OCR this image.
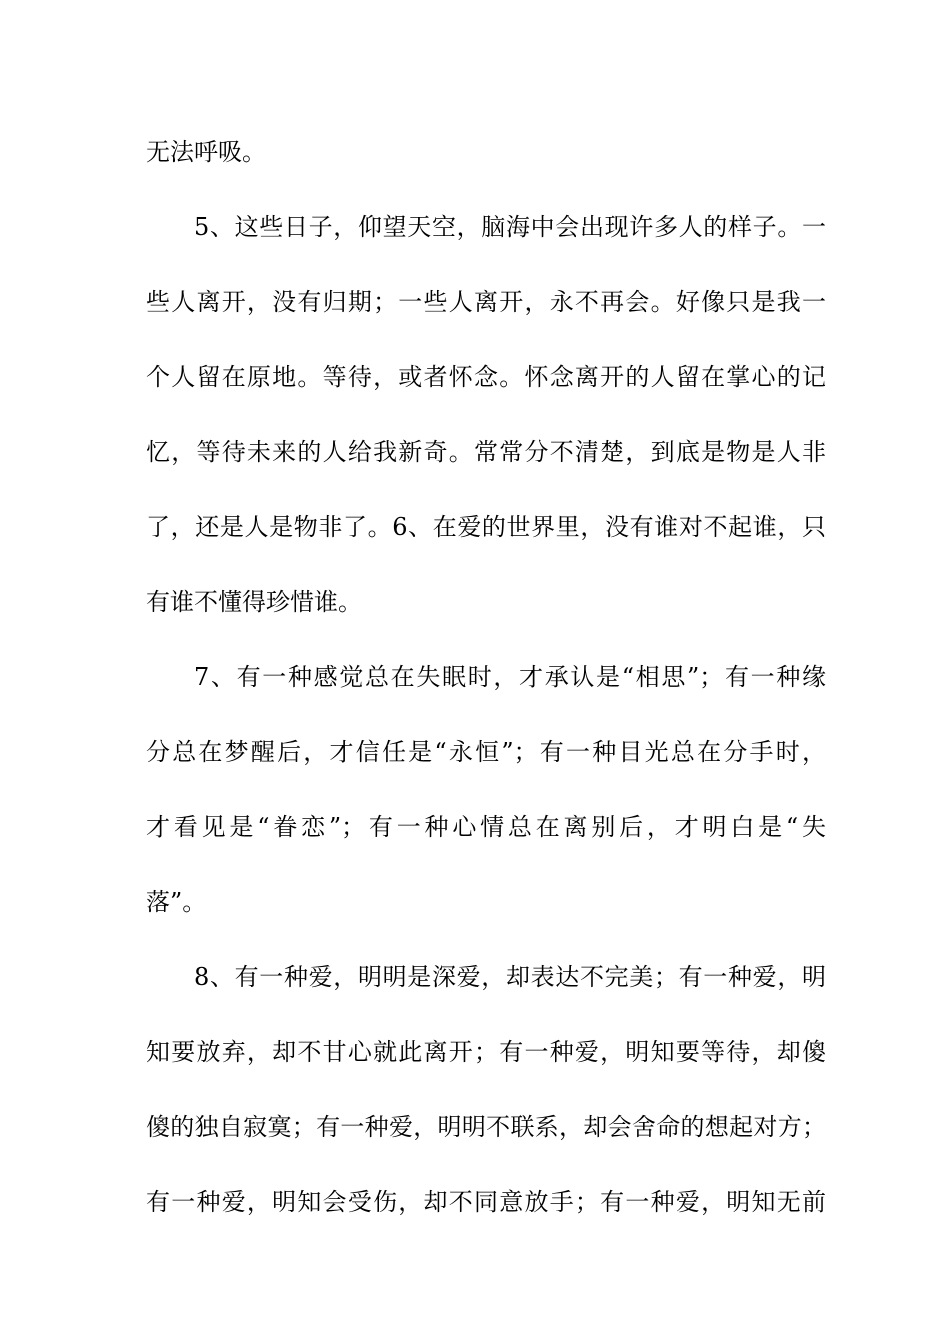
无法呼吸。
5、这些日子，仰望天空，脑海中会出现许多人的样子。一
些人离开，没有归期；一些人离开，永不再会。好像只是我一
个人留在原地。等待，或者怀念。怀念离开的人留在掌心的记
忆，等待未来的人给我新奇。常常分不清楚，到底是物是人非
了，还是人是物非了。6、在爱的世界里，没有谁对不起谁，只
有谁不懂得珍惜谁。
7、有一种感觉总在失眠时，才承认是“相思”；有一种缘
分总在梦醒后，才信任是“永恒”；有一种目光总在分手时，
才看见是“眷恋”；有一种心情总在离别后，才明白是“失
落”。
8、有一种爱，明明是深爱，却表达不完美；有一种爱，明
知要放弃，却不甘心就此离开；有一种爱，明知要等待，却傻
傻的独自寂寞；有一种爱，明明不联系，却会舍命的想起对方；
有一种爱，明知会受伤，却不同意放手；有一种爱，明知无前
